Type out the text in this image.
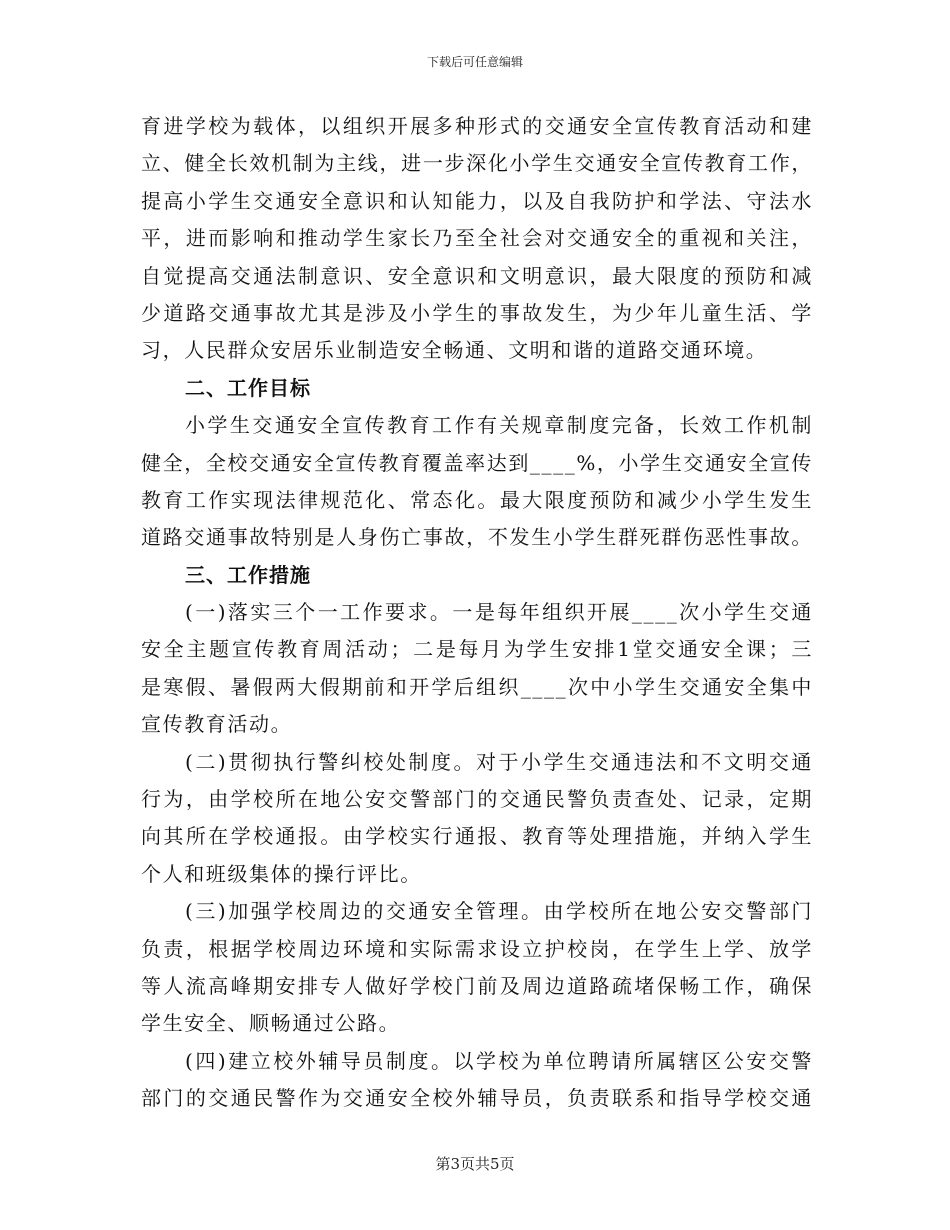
下载后可任意编辑
育进学校为载体，以组织开展多种形式的交通安全宣传教育活动和建
立、健全长效机制为主线，进一步深化小学生交通安全宣传教育工作，
提高小学生交通安全意识和认知能力，以及自我防护和学法、守法水
平，进而影响和推动学生家长乃至全社会对交通安全的重视和关注，
自觉提高交通法制意识、安全意识和文明意识，最大限度的预防和减
少道路交通事故尤其是涉及小学生的事故发生，为少年儿童生活、学
习，人民群众安居乐业制造安全畅通、文明和谐的道路交通环境。
二、工作目标
小学生交通安全宣传教育工作有关规章制度完备，长效工作机制
健全，全校交通安全宣传教育覆盖率达到____%，小学生交通安全宣传
教育工作实现法律规范化、常态化。最大限度预防和减少小学生发生
道路交通事故特别是人身伤亡事故，不发生小学生群死群伤恶性事故。
三、工作措施
(一)落实三个一工作要求。一是每年组织开展____次小学生交通
安全主题宣传教育周活动；二是每月为学生安排1堂交通安全课；三
是寒假、暑假两大假期前和开学后组织____次中小学生交通安全集中
宣传教育活动。
(二)贯彻执行警纠校处制度。对于小学生交通违法和不文明交通
行为，由学校所在地公安交警部门的交通民警负责查处、记录，定期
向其所在学校通报。由学校实行通报、教育等处理措施，并纳入学生
个人和班级集体的操行评比。
(三)加强学校周边的交通安全管理。由学校所在地公安交警部门
负责，根据学校周边环境和实际需求设立护校岗，在学生上学、放学
等人流高峰期安排专人做好学校门前及周边道路疏堵保畅工作，确保
学生安全、顺畅通过公路。
(四)建立校外辅导员制度。以学校为单位聘请所属辖区公安交警
部门的交通民警作为交通安全校外辅导员，负责联系和指导学校交通
第3页共5页
